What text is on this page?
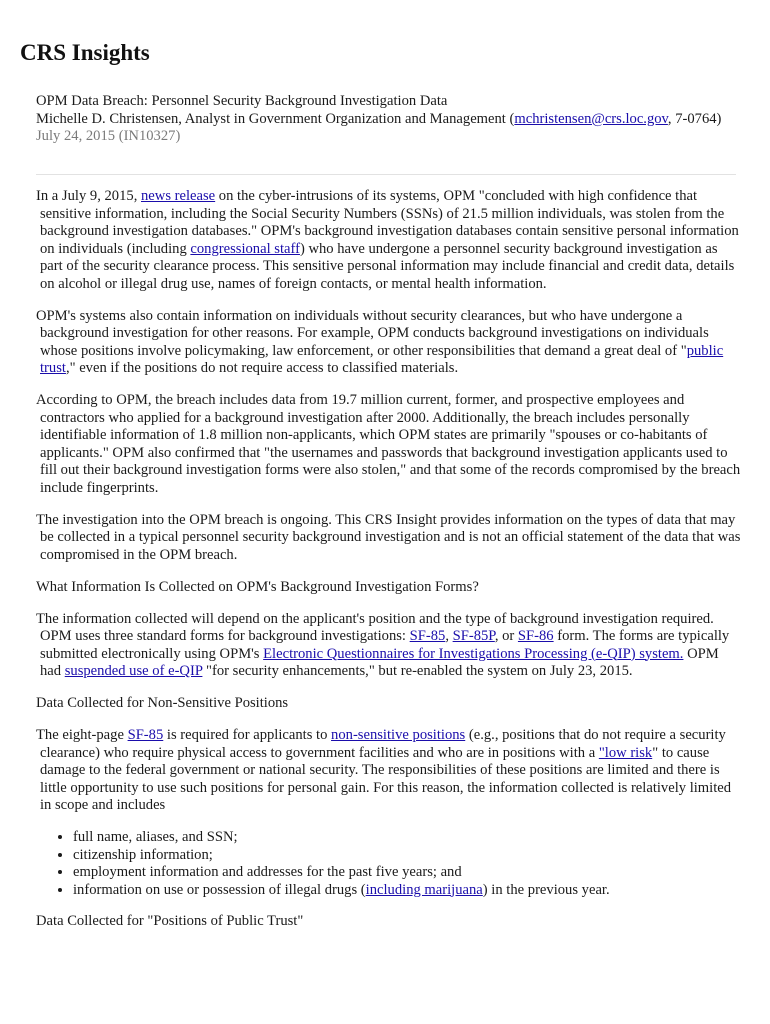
CRS Insights
OPM Data Breach: Personnel Security Background Investigation Data
Michelle D. Christensen, Analyst in Government Organization and Management (mchristensen@crs.loc.gov, 7-0764)
July 24, 2015 (IN10327)

In a July 9, 2015, news release on the cyber-intrusions of its systems, OPM "concluded with high confidence that sensitive information, including the Social Security Numbers (SSNs) of 21.5 million individuals, was stolen from the background investigation databases." OPM's background investigation databases contain sensitive personal information on individuals (including congressional staff) who have undergone a personnel security background investigation as part of the security clearance process. This sensitive personal information may include financial and credit data, details on alcohol or illegal drug use, names of foreign contacts, or mental health information.

OPM's systems also contain information on individuals without security clearances, but who have undergone a background investigation for other reasons. For example, OPM conducts background investigations on individuals whose positions involve policymaking, law enforcement, or other responsibilities that demand a great deal of "public trust," even if the positions do not require access to classified materials.

According to OPM, the breach includes data from 19.7 million current, former, and prospective employees and contractors who applied for a background investigation after 2000. Additionally, the breach includes personally identifiable information of 1.8 million non-applicants, which OPM states are primarily "spouses or co-habitants of applicants." OPM also confirmed that "the usernames and passwords that background investigation applicants used to fill out their background investigation forms were also stolen," and that some of the records compromised by the breach include fingerprints.

The investigation into the OPM breach is ongoing. This CRS Insight provides information on the types of data that may be collected in a typical personnel security background investigation and is not an official statement of the data that was compromised in the OPM breach.

What Information Is Collected on OPM's Background Investigation Forms?

The information collected will depend on the applicant's position and the type of background investigation required. OPM uses three standard forms for background investigations: SF-85, SF-85P, or SF-86 form. The forms are typically submitted electronically using OPM's Electronic Questionnaires for Investigations Processing (e-QIP) system. OPM had suspended use of e-QIP "for security enhancements," but re-enabled the system on July 23, 2015.

Data Collected for Non-Sensitive Positions

The eight-page SF-85 is required for applicants to non-sensitive positions (e.g., positions that do not require a security clearance) who require physical access to government facilities and who are in positions with a "low risk" to cause damage to the federal government or national security. The responsibilities of these positions are limited and there is little opportunity to use such positions for personal gain. For this reason, the information collected is relatively limited in scope and includes

• full name, aliases, and SSN;
• citizenship information;
• employment information and addresses for the past five years; and
• information on use or possession of illegal drugs (including marijuana) in the previous year.
Data Collected for "Positions of Public Trust"
